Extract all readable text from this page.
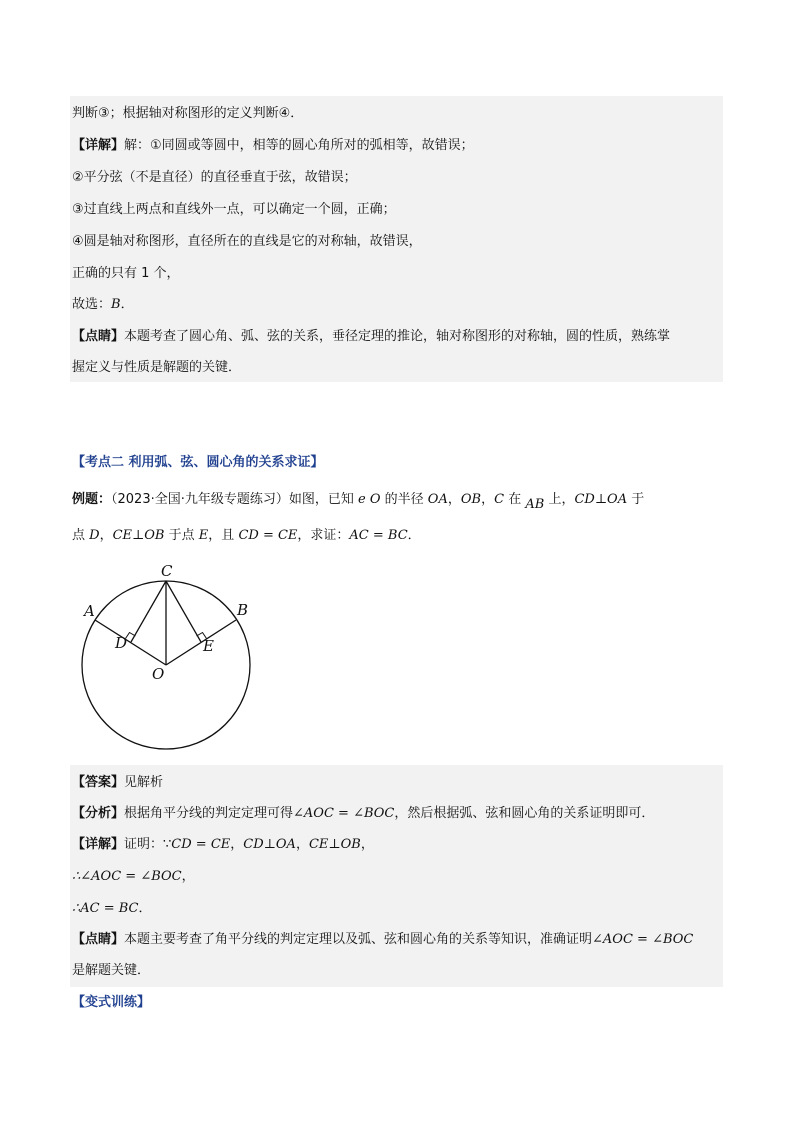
判断③；根据轴对称图形的定义判断④．
【详解】解：①同圆或等圆中，相等的圆心角所对的弧相等，故错误；
②平分弦（不是直径）的直径垂直于弦，故错误；
③过直线上两点和直线外一点，可以确定一个圆，正确；
④圆是轴对称图形，直径所在的直线是它的对称轴，故错误，
正确的只有 1 个，
故选：B．
【点睛】本题考查了圆心角、弧、弦的关系，垂径定理的推论，轴对称图形的对称轴，圆的性质，熟练掌
握定义与性质是解题的关键．
【考点二 利用弧、弦、圆心角的关系求证】
例题：（2023·全国·九年级专题练习）如图，已知 e O 的半径 OA，OB，C 在 AB 上，CD⊥OA 于
点 D，CE⊥OB 于点 E，且 CD = CE，求证：AC = BC．
C
A	B
D	E
O
【答案】见解析
【分析】根据角平分线的判定定理可得∠AOC = ∠BOC，然后根据弧、弦和圆心角的关系证明即可．
【详解】证明：∵CD = CE，CD⊥OA，CE⊥OB，
∴∠AOC = ∠BOC，
∴AC = BC．
【点睛】本题主要考查了角平分线的判定定理以及弧、弦和圆心角的关系等知识，准确证明∠AOC = ∠BOC
是解题关键．
【变式训练】
